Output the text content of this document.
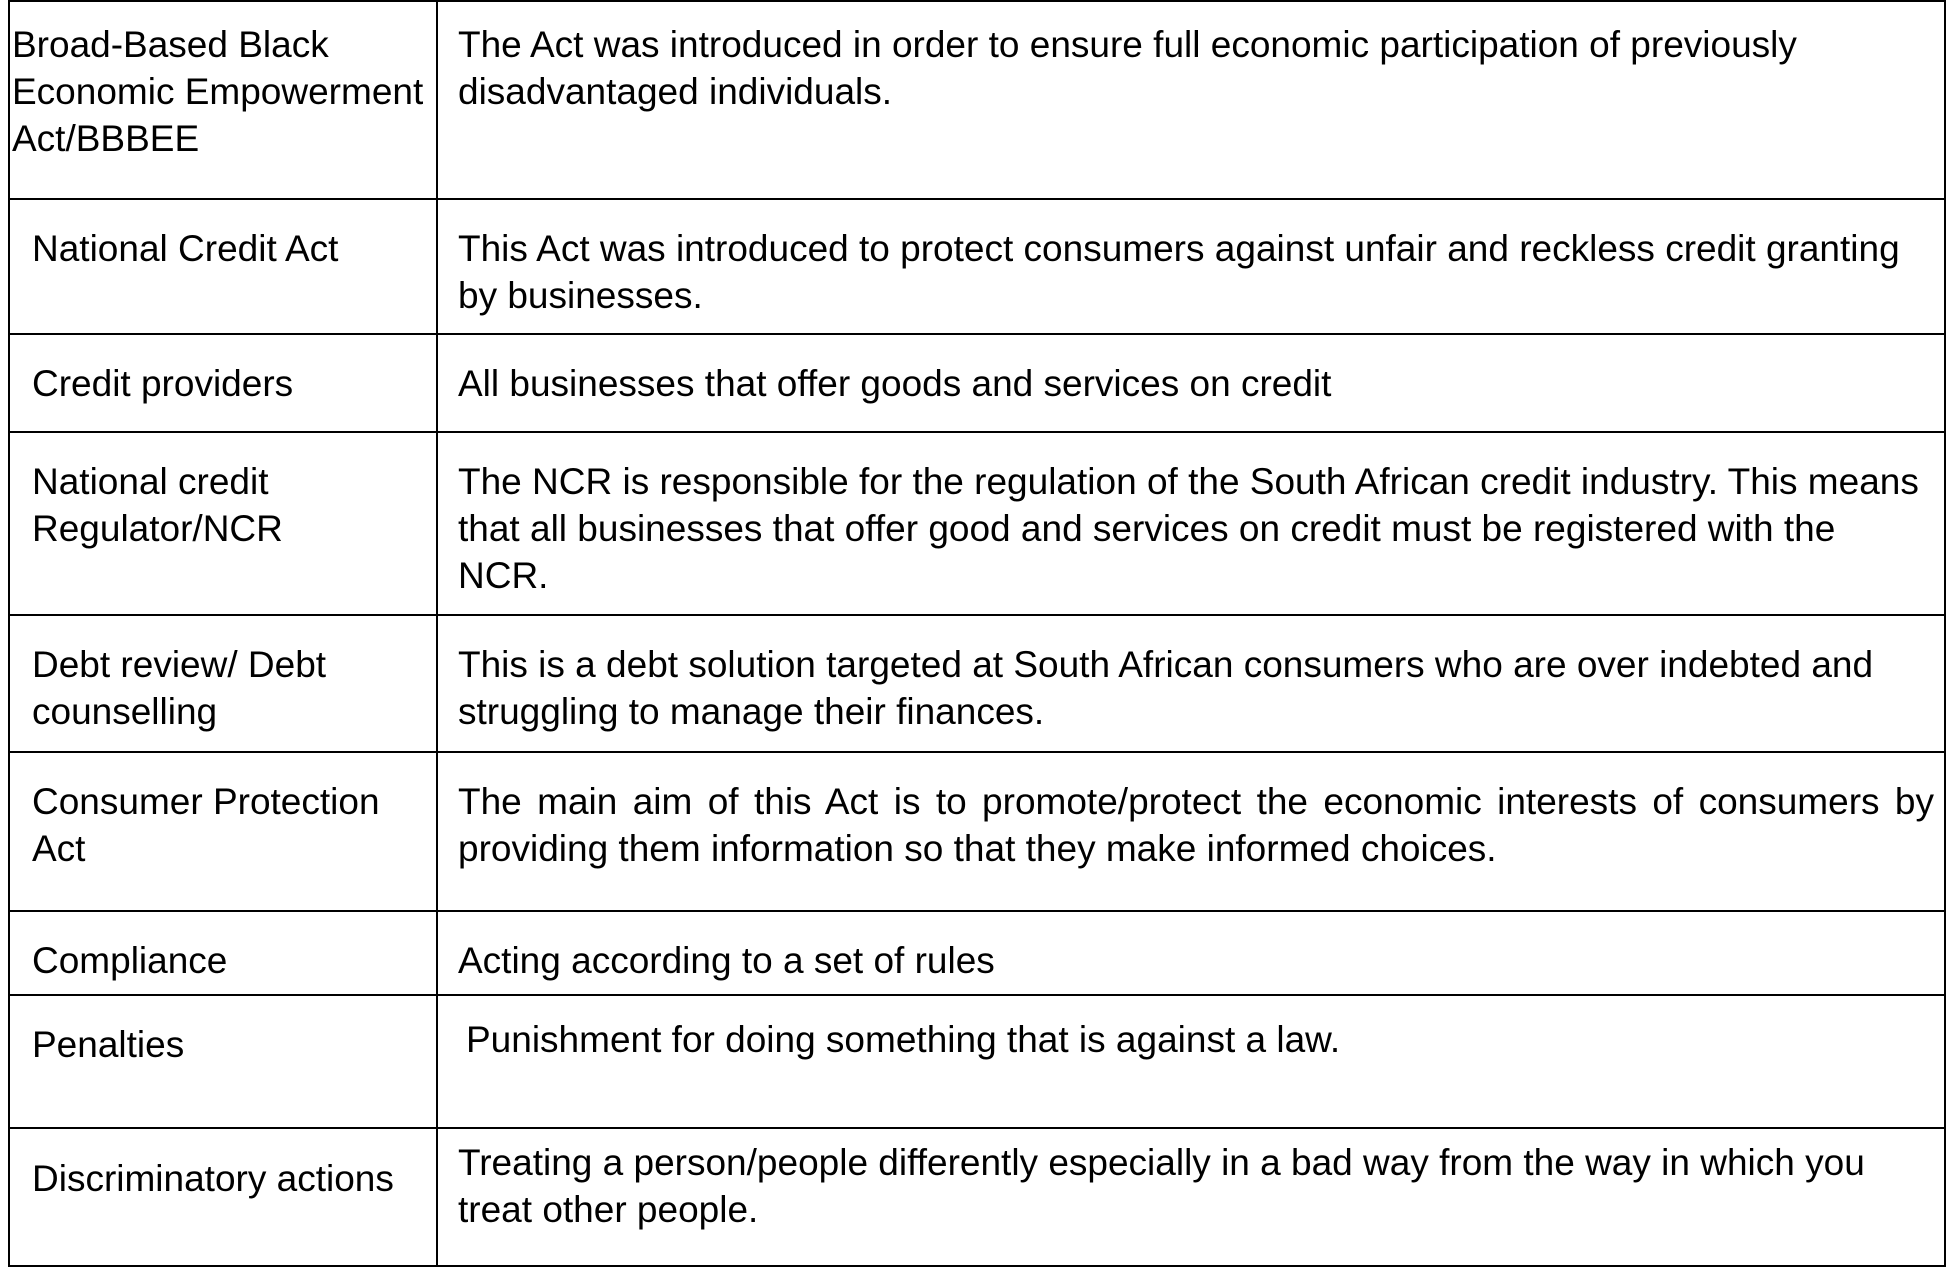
Broad-Based Black Economic Empowerment Act/BBBEE	The Act was introduced in order to ensure full economic participation of previously disadvantaged individuals.

National Credit Act	This Act was introduced to protect consumers against unfair and reckless credit granting by businesses.

Credit providers	All businesses that offer goods and services on credit

National credit Regulator/NCR	The NCR is responsible for the regulation of the South African credit industry. This means that all businesses that offer good and services on credit must be registered with the NCR.

Debt review/ Debt counselling	This is a debt solution targeted at South African consumers who are over indebted and struggling to manage their finances.

Consumer Protection Act	The main aim of this Act is to promote/protect the economic interests of consumers by providing them information so that they make informed choices.

Compliance	Acting according to a set of rules

Penalties	Punishment for doing something that is against a law.

Discriminatory actions	Treating a person/people differently especially in a bad way from the way in which you treat other people.
